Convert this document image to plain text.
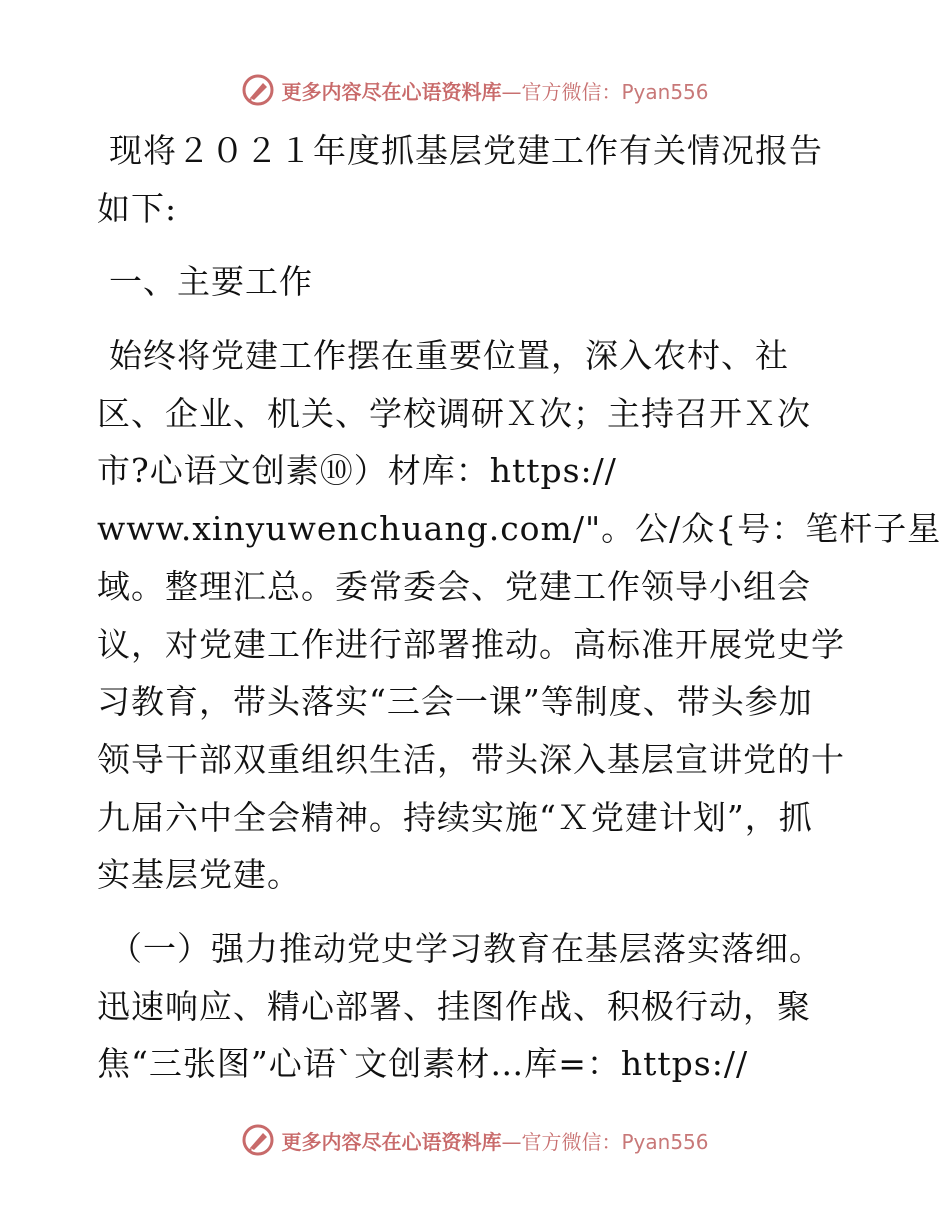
更多内容尽在心语资料库—官方微信：Pyan556
现将２０２１年度抓基层党建工作有关情况报告
如下:
一、主要工作
始终将党建工作摆在重要位置，深入农村、社
区、企业、机关、学校调研Ｘ次；主持召开Ｘ次
市?心语文创素⑩）材库：https://
www.xinyuwenchuang.com/"。公/众{号：笔杆子星
域。整理汇总。委常委会、党建工作领导小组会
议，对党建工作进行部署推动。高标准开展党史学
习教育，带头落实“三会一课”等制度、带头参加
领导干部双重组织生活，带头深入基层宣讲党的十
九届六中全会精神。持续实施“Ｘ党建计划”，抓
实基层党建。
（一）强力推动党史学习教育在基层落实落细。
迅速响应、精心部署、挂图作战、积极行动，聚
焦“三张图”心语`文创素材…库=：https://
更多内容尽在心语资料库—官方微信：Pyan556
